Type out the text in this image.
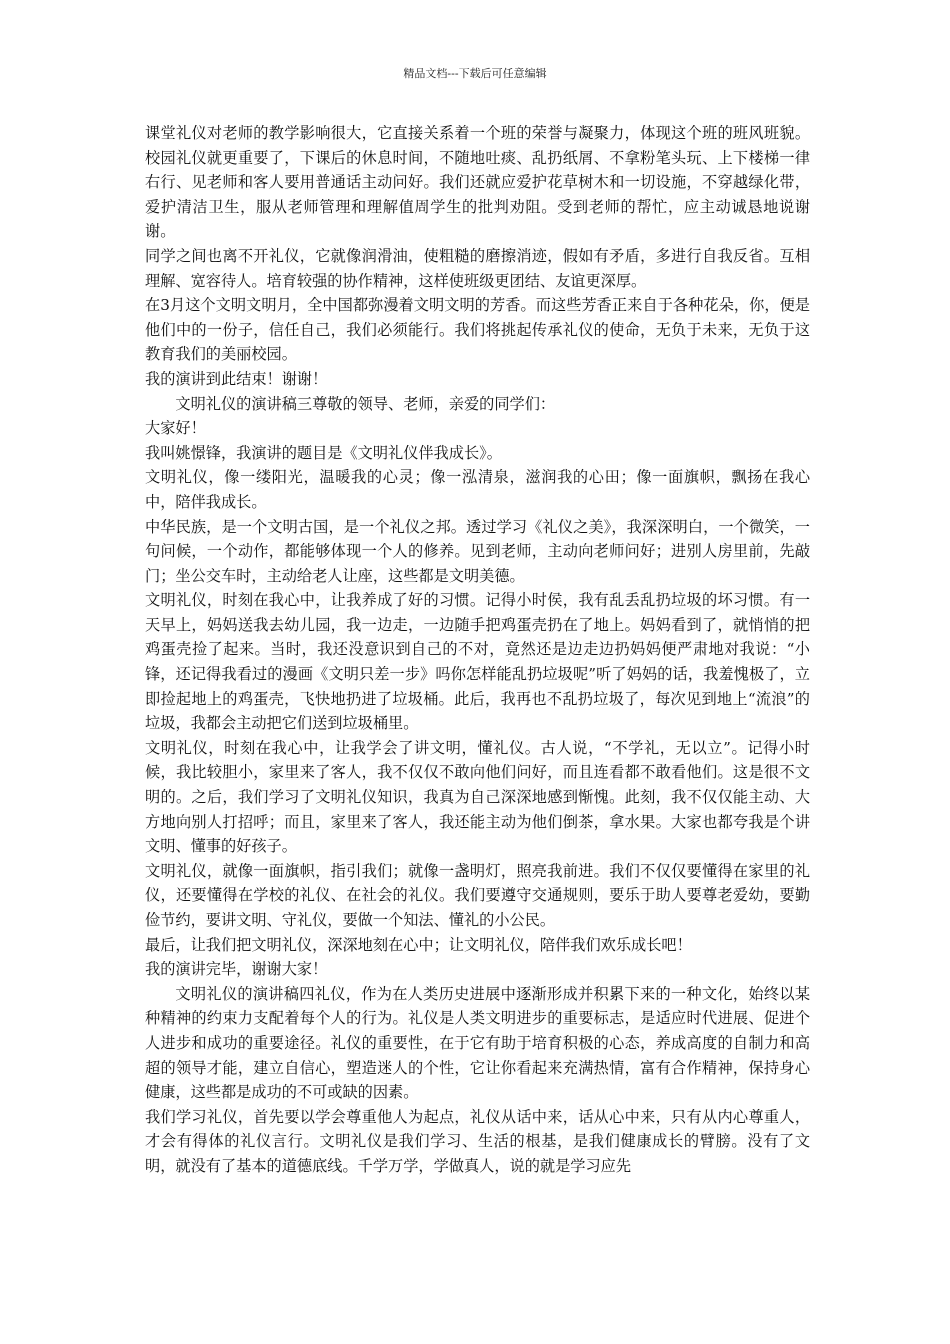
精品文档---下载后可任意编辑

课堂礼仪对老师的教学影响很大，它直接关系着一个班的荣誉与凝聚力，体现这个班的班风班貌。校园礼仪就更重要了，下课后的休息时间，不随地吐痰、乱扔纸屑、不拿粉笔头玩、上下楼梯一律右行、见老师和客人要用普通话主动问好。我们还就应爱护花草树木和一切设施，不穿越绿化带，爱护清洁卫生，服从老师管理和理解值周学生的批判劝阻。受到老师的帮忙，应主动诚恳地说谢谢。

同学之间也离不开礼仪，它就像润滑油，使粗糙的磨擦消迹，假如有矛盾，多进行自我反省。互相理解、宽容待人。培育较强的协作精神，这样使班级更团结、友谊更深厚。

在3月这个文明文明月，全中国都弥漫着文明文明的芳香。而这些芳香正来自于各种花朵，你，便是他们中的一份子，信任自己，我们必须能行。我们将挑起传承礼仪的使命，无负于未来，无负于这教育我们的美丽校园。

我的演讲到此结束！谢谢！

文明礼仪的演讲稿三尊敬的领导、老师，亲爱的同学们：

大家好！

我叫姚憬锋，我演讲的题目是《文明礼仪伴我成长》。

文明礼仪，像一缕阳光，温暖我的心灵；像一泓清泉，滋润我的心田；像一面旗帜，飘扬在我心中，陪伴我成长。

中华民族，是一个文明古国，是一个礼仪之邦。透过学习《礼仪之美》，我深深明白，一个微笑，一句问候，一个动作，都能够体现一个人的修养。见到老师，主动向老师问好；进别人房里前，先敲门；坐公交车时，主动给老人让座，这些都是文明美德。

文明礼仪，时刻在我心中，让我养成了好的习惯。记得小时侯，我有乱丢乱扔垃圾的坏习惯。有一天早上，妈妈送我去幼儿园，我一边走，一边随手把鸡蛋壳扔在了地上。妈妈看到了，就悄悄的把鸡蛋壳捡了起来。当时，我还没意识到自己的不对，竟然还是边走边扔妈妈便严肃地对我说：“小锋，还记得我看过的漫画《文明只差一步》吗你怎样能乱扔垃圾呢”听了妈妈的话，我羞愧极了，立即捡起地上的鸡蛋壳，飞快地扔进了垃圾桶。此后，我再也不乱扔垃圾了，每次见到地上“流浪”的垃圾，我都会主动把它们送到垃圾桶里。

文明礼仪，时刻在我心中，让我学会了讲文明，懂礼仪。古人说，“不学礼，无以立”。记得小时候，我比较胆小，家里来了客人，我不仅仅不敢向他们问好，而且连看都不敢看他们。这是很不文明的。之后，我们学习了文明礼仪知识，我真为自己深深地感到惭愧。此刻，我不仅仅能主动、大方地向别人打招呼；而且，家里来了客人，我还能主动为他们倒茶，拿水果。大家也都夸我是个讲文明、懂事的好孩子。

文明礼仪，就像一面旗帜，指引我们；就像一盏明灯，照亮我前进。我们不仅仅要懂得在家里的礼仪，还要懂得在学校的礼仪、在社会的礼仪。我们要遵守交通规则，要乐于助人要尊老爱幼，要勤俭节约，要讲文明、守礼仪，要做一个知法、懂礼的小公民。

最后，让我们把文明礼仪，深深地刻在心中；让文明礼仪，陪伴我们欢乐成长吧！

我的演讲完毕，谢谢大家！

文明礼仪的演讲稿四礼仪，作为在人类历史进展中逐渐形成并积累下来的一种文化，始终以某种精神的约束力支配着每个人的行为。礼仪是人类文明进步的重要标志，是适应时代进展、促进个人进步和成功的重要途径。礼仪的重要性，在于它有助于培育积极的心态，养成高度的自制力和高超的领导才能，建立自信心，塑造迷人的个性，它让你看起来充满热情，富有合作精神，保持身心健康，这些都是成功的不可或缺的因素。

我们学习礼仪，首先要以学会尊重他人为起点，礼仪从话中来，话从心中来，只有从内心尊重人，才会有得体的礼仪言行。文明礼仪是我们学习、生活的根基，是我们健康成长的臂膀。没有了文明，就没有了基本的道德底线。千学万学，学做真人，说的就是学习应先
